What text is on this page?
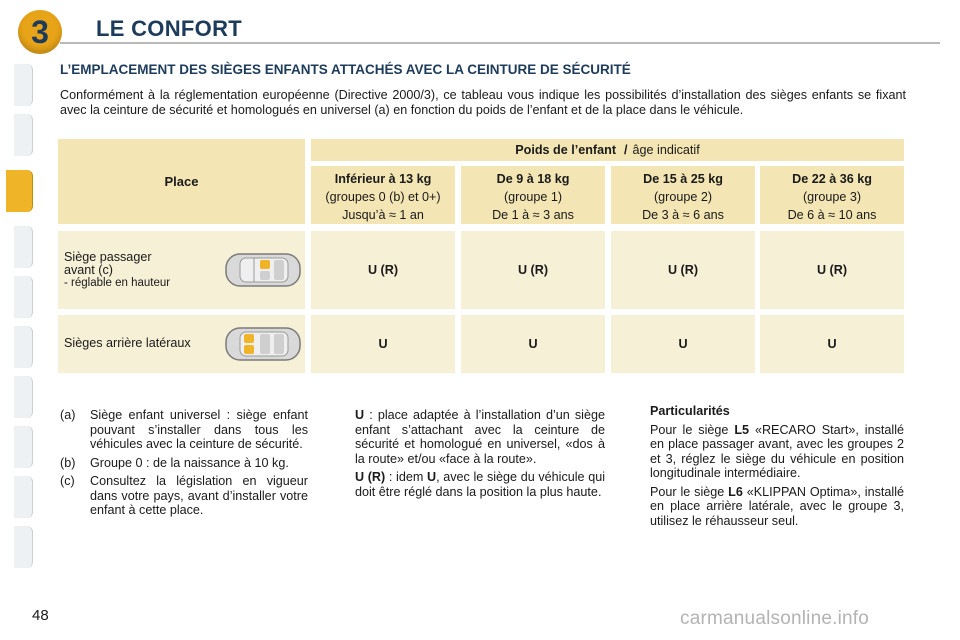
3	LE CONFORT
L’EMPLACEMENT DES SIÈGES ENFANTS ATTACHÉS AVEC LA CEINTURE DE SÉCURITÉ
Conformément à la réglementation européenne (Directive 2000/3), ce tableau vous indique les possibilités d’installation des sièges enfants se fixant avec la ceinture de sécurité et homologués en universel (a) en fonction du poids de l’enfant et de la place dans le véhicule.
Place
Poids de l’enfant / âge indicatif
Inférieur à 13 kg
(groupes 0 (b) et 0+)
Jusqu’à ≈ 1 an
De 9 à 18 kg
(groupe 1)
De 1 à ≈ 3 ans
De 15 à 25 kg
(groupe 2)
De 3 à ≈ 6 ans
De 22 à 36 kg
(groupe 3)
De 6 à ≈ 10 ans
Siège passager
avant (c)
- réglable en hauteur
U (R)	U (R)	U (R)	U (R)
Sièges arrière latéraux	U	U	U	U
(a)	Siège enfant universel : siège enfant pouvant s’installer dans tous les véhicules avec la ceinture de sécurité.
(b)	Groupe 0 : de la naissance à 10 kg.
(c)	Consultez la législation en vigueur dans votre pays, avant d’installer votre enfant à cette place.

U : place adaptée à l’installation d’un siège enfant s’attachant avec la ceinture de sécurité et homologué en universel, «dos à la route» et/ou «face à la route».

U (R) : idem U, avec le siège du véhicule qui doit être réglé dans la position la plus haute.

Particularités

Pour le siège L5 «RECARO Start», installé en place passager avant, avec les groupes 2 et 3, réglez le siège du véhicule en position longitudinale intermédiaire.

Pour le siège L6 «KLIPPAN Optima», installé en place arrière latérale, avec le groupe 3, utilisez le réhausseur seul.

48	carmanualsonline.info
